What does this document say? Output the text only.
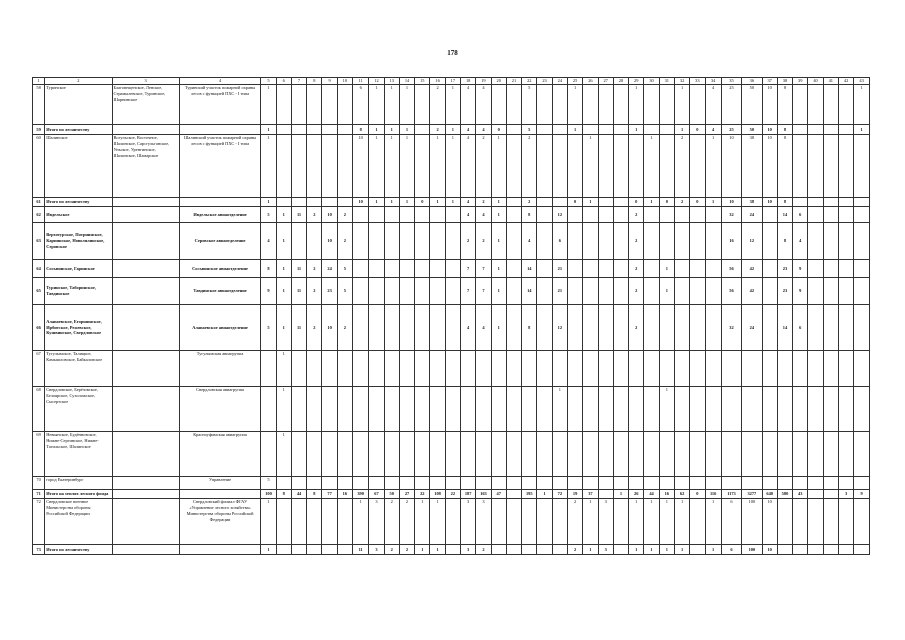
178
1	2	3	4	5	6	7	8	9	10	11	12	13	14	15	16	17	18	19	20	21	22	23	24	25	26	27	28	29	30	31	32	33	34	35	36	37	38	39	40	41	42	43
58	Туринское	Благовещенское, Ленское, Страмылевское, Туринское, Шарнинское	Туринский участок пожарной охраны лесов с функцией ПХС - I типа	1						6	1	1	1		2	1	4	4			5			1				1			1		4	25	50	10	8					1
59	Итого по лесничеству			1						8	1	1	1		2	1	4	4	0		5			1				1			1	0	4	25	50	10	8					1
60	Шалинское	Вогульское, Восточное, Шалинское, Сарсгульганское, Уньское, Уренгинское, Шалинское, Шамарское	Шалинский участок пожарной охраны лесов с функцией ПХС - I типа	1						10	1	1	1		1	1	4	2	1		2				1				1		2		1	10	38	10	8					
61	Итого по лесничеству			1						10	1	1	1	0	1	1	4	2	1		2			0	1			0	1	0	2	0	1	10	38	10	8					
62	Ивдельское		Ивдельское авиаотделение	5	1	11	2	10	2								4	4	1		8		12					2						32	24		14	6				
63	Верхотурское, Потрнинское, Карпинское, Новолялинское, Серовское		Серовское авиаотделение	4	1			10	2								2	2	1		4		6					2						16	12		8	4				
64	Сосьвинское, Гаринское		Сосьвинское авиаотделение	8	1	11	2	24	5								7	7	1		14		21					2		1				56	42		23	9				
65	Туринское, Таборинское, Тавдинское		Тавдинское авиаотделение	9	1	11	2	23	5								7	7	1		14		21					2		1				56	42		23	9				
66	Алапаевское, Егоршинское, Ирбитское, Режевское, Кушвинское, Свердловское		Алапаевское авиаотделение	5	1	11	2	10	2								4	4	1		8		12					2						32	24		14	6				
67	Тугулымское, Талицкое, Камышловское, Байкаловское		Тугулымская авиагруппа		1																																					
68	Свердловское, Берёзовское, Белоярское, Сухоложское, Сысертское		Свердловская авиагруппа		1																		1							1												
69	Невьянское, Будённовское, Нижне-Сергинское, Нижне-Тагильское, Шалинское		Красноуфимская авиагруппа		1																																					
70	город Екатеринбург		Управление	5																																						
71	Итого на землях лесного фонда			100	8	44	8	77	16	390	67	50	27	22	108	22	187	163	47		195	1	72	19	37		1	26	44	16	62	0	116	1173	3277	640	580	43			3	9
72	Свердловское военное Министерства обороны Российской Федерации		Свердловский филиал ФГАУ «Управление лесного хозяйства» Министерства обороны Российской Федерации	1						1	3	2	2	1	1		3	3						2	1	3		1	1	1	1		1	6	100	10						
73	Итого по лесничеству			1						11	3	2	2	1	1		3	2						2	1	3		1	1	1	1		1	6	100	10						
